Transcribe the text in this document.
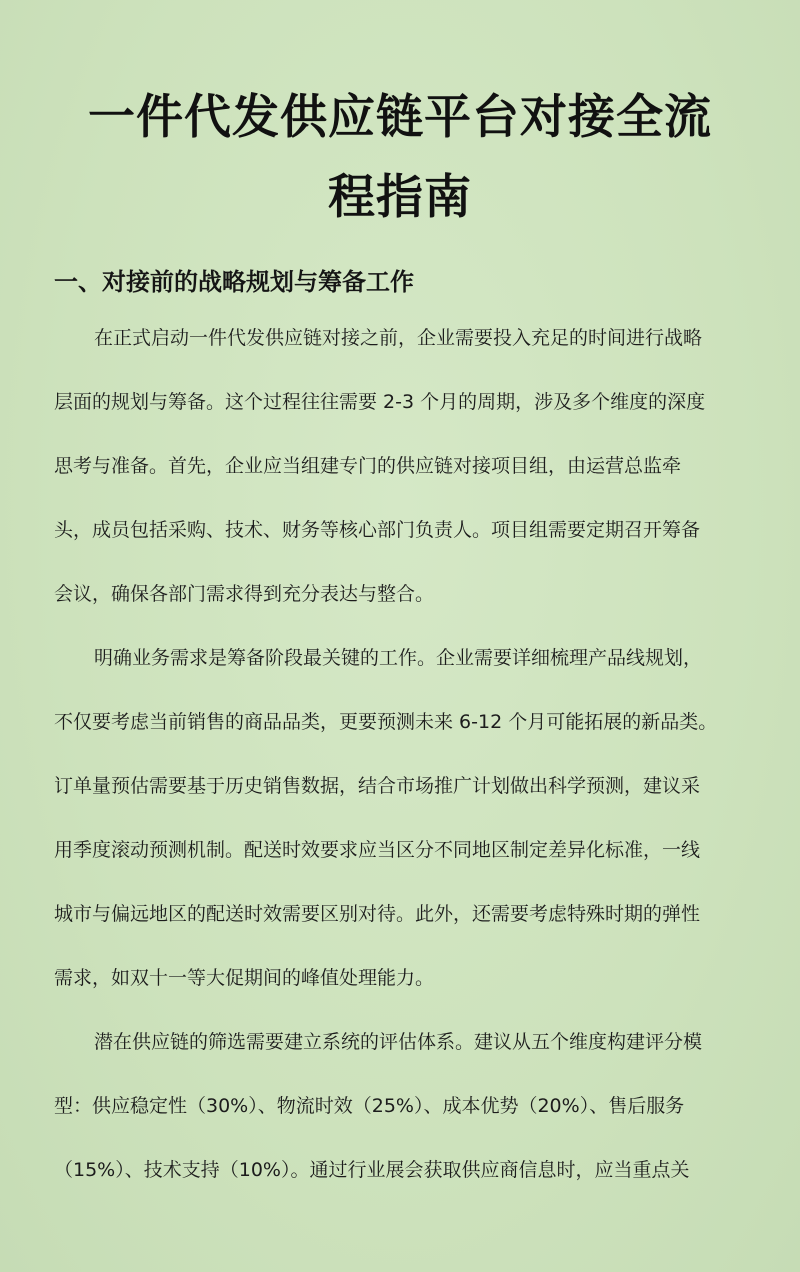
一件代发供应链平台对接全流
程指南
一、对接前的战略规划与筹备工作

在正式启动一件代发供应链对接之前，企业需要投入充足的时间进行战略
层面的规划与筹备。这个过程往往需要 2-3 个月的周期，涉及多个维度的深度
思考与准备。首先，企业应当组建专门的供应链对接项目组，由运营总监牵
头，成员包括采购、技术、财务等核心部门负责人。项目组需要定期召开筹备
会议，确保各部门需求得到充分表达与整合。

明确业务需求是筹备阶段最关键的工作。企业需要详细梳理产品线规划，
不仅要考虑当前销售的商品品类，更要预测未来 6-12 个月可能拓展的新品类。
订单量预估需要基于历史销售数据，结合市场推广计划做出科学预测，建议采
用季度滚动预测机制。配送时效要求应当区分不同地区制定差异化标准，一线
城市与偏远地区的配送时效需要区别对待。此外，还需要考虑特殊时期的弹性
需求，如双十一等大促期间的峰值处理能力。

潜在供应链的筛选需要建立系统的评估体系。建议从五个维度构建评分模
型：供应稳定性（30%）、物流时效（25%）、成本优势（20%）、售后服务
（15%）、技术支持（10%）。通过行业展会获取供应商信息时，应当重点关
